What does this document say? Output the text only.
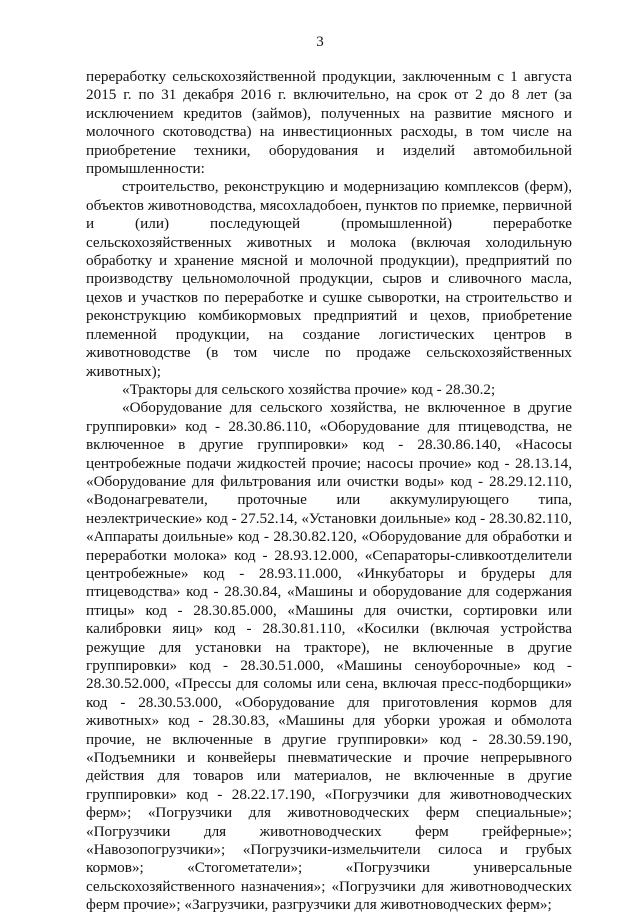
3

переработку сельскохозяйственной продукции, заключенным с 1 августа 2015 г. по 31 декабря 2016 г. включительно, на срок от 2 до 8 лет (за исключением кредитов (займов), полученных на развитие мясного и молочного скотоводства) на инвестиционных расходы, в том числе на приобретение техники, оборудования и изделий автомобильной промышленности:

строительство, реконструкцию и модернизацию комплексов (ферм), объектов животноводства, мясохладобоен, пунктов по приемке, первичной и (или) последующей (промышленной) переработке сельскохозяйственных животных и молока (включая холодильную обработку и хранение мясной и молочной продукции), предприятий по производству цельномолочной продукции, сыров и сливочного масла, цехов и участков по переработке и сушке сыворотки, на строительство и реконструкцию комбикормовых предприятий и цехов, приобретение племенной продукции, на создание логистических центров в животноводстве (в том числе по продаже сельскохозяйственных животных);

«Тракторы для сельского хозяйства прочие» код - 28.30.2;

«Оборудование для сельского хозяйства, не включенное в другие группировки» код - 28.30.86.110, «Оборудование для птицеводства, не включенное в другие группировки» код - 28.30.86.140, «Насосы центробежные подачи жидкостей прочие; насосы прочие» код - 28.13.14, «Оборудование для фильтрования или очистки воды» код - 28.29.12.110, «Водонагреватели, проточные или аккумулирующего типа, неэлектрические» код - 27.52.14, «Установки доильные» код - 28.30.82.110, «Аппараты доильные» код - 28.30.82.120, «Оборудование для обработки и переработки молока» код - 28.93.12.000, «Сепараторы-сливкоотделители центробежные» код - 28.93.11.000, «Инкубаторы и брудеры для птицеводства» код - 28.30.84, «Машины и оборудование для содержания птицы» код - 28.30.85.000, «Машины для очистки, сортировки или калибровки яиц» код - 28.30.81.110, «Косилки (включая устройства режущие для установки на тракторе), не включенные в другие группировки» код - 28.30.51.000, «Машины сеноуборочные» код - 28.30.52.000, «Прессы для соломы или сена, включая пресс-подборщики» код - 28.30.53.000, «Оборудование для приготовления кормов для животных» код - 28.30.83, «Машины для уборки урожая и обмолота прочие, не включенные в другие группировки» код - 28.30.59.190, «Подъемники и конвейеры пневматические и прочие непрерывного действия для товаров или материалов, не включенные в другие группировки» код - 28.22.17.190, «Погрузчики для животноводческих ферм»; «Погрузчики для животноводческих ферм специальные»; «Погрузчики для животноводческих ферм грейферные»; «Навозопогрузчики»; «Погрузчики-измельчители силоса и грубых кормов»; «Стогометатели»; «Погрузчики универсальные сельскохозяйственного назначения»; «Погрузчики для животноводческих ферм прочие»; «Загрузчики, разгрузчики для животноводческих ферм»;
